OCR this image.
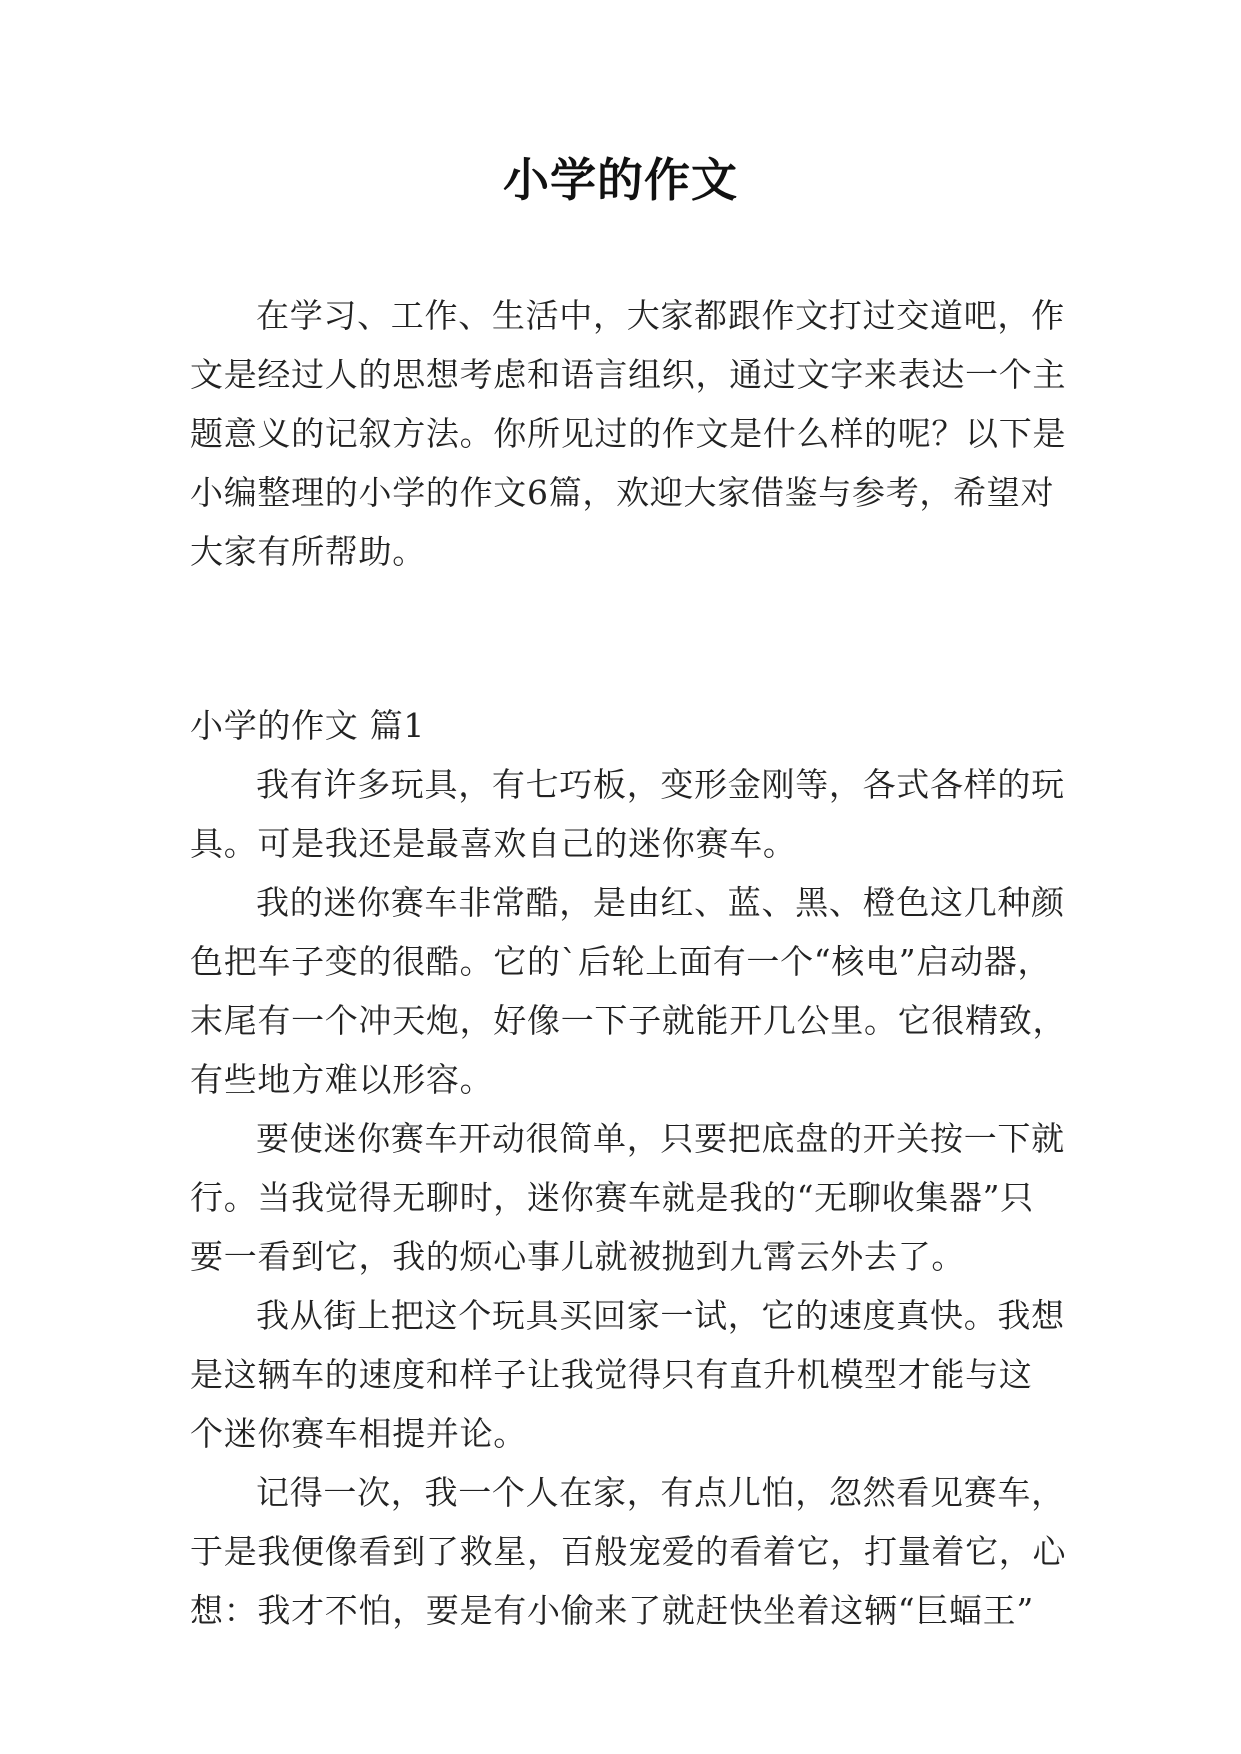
小学的作文
在学习、工作、生活中，大家都跟作文打过交道吧，作
文是经过人的思想考虑和语言组织，通过文字来表达一个主
题意义的记叙方法。你所见过的作文是什么样的呢？以下是
小编整理的小学的作文6篇，欢迎大家借鉴与参考，希望对
大家有所帮助。
小学的作文 篇1
我有许多玩具，有七巧板，变形金刚等，各式各样的玩
具。可是我还是最喜欢自己的迷你赛车。
我的迷你赛车非常酷，是由红、蓝、黑、橙色这几种颜
色把车子变的很酷。它的`后轮上面有一个“核电”启动器，
末尾有一个冲天炮，好像一下子就能开几公里。它很精致，
有些地方难以形容。
要使迷你赛车开动很简单，只要把底盘的开关按一下就
行。当我觉得无聊时，迷你赛车就是我的“无聊收集器”只
要一看到它，我的烦心事儿就被抛到九霄云外去了。
我从街上把这个玩具买回家一试，它的速度真快。我想
是这辆车的速度和样子让我觉得只有直升机模型才能与这
个迷你赛车相提并论。
记得一次，我一个人在家，有点儿怕，忽然看见赛车，
于是我便像看到了救星，百般宠爱的看着它，打量着它，心
想：我才不怕，要是有小偷来了就赶快坐着这辆“巨蝠王”
